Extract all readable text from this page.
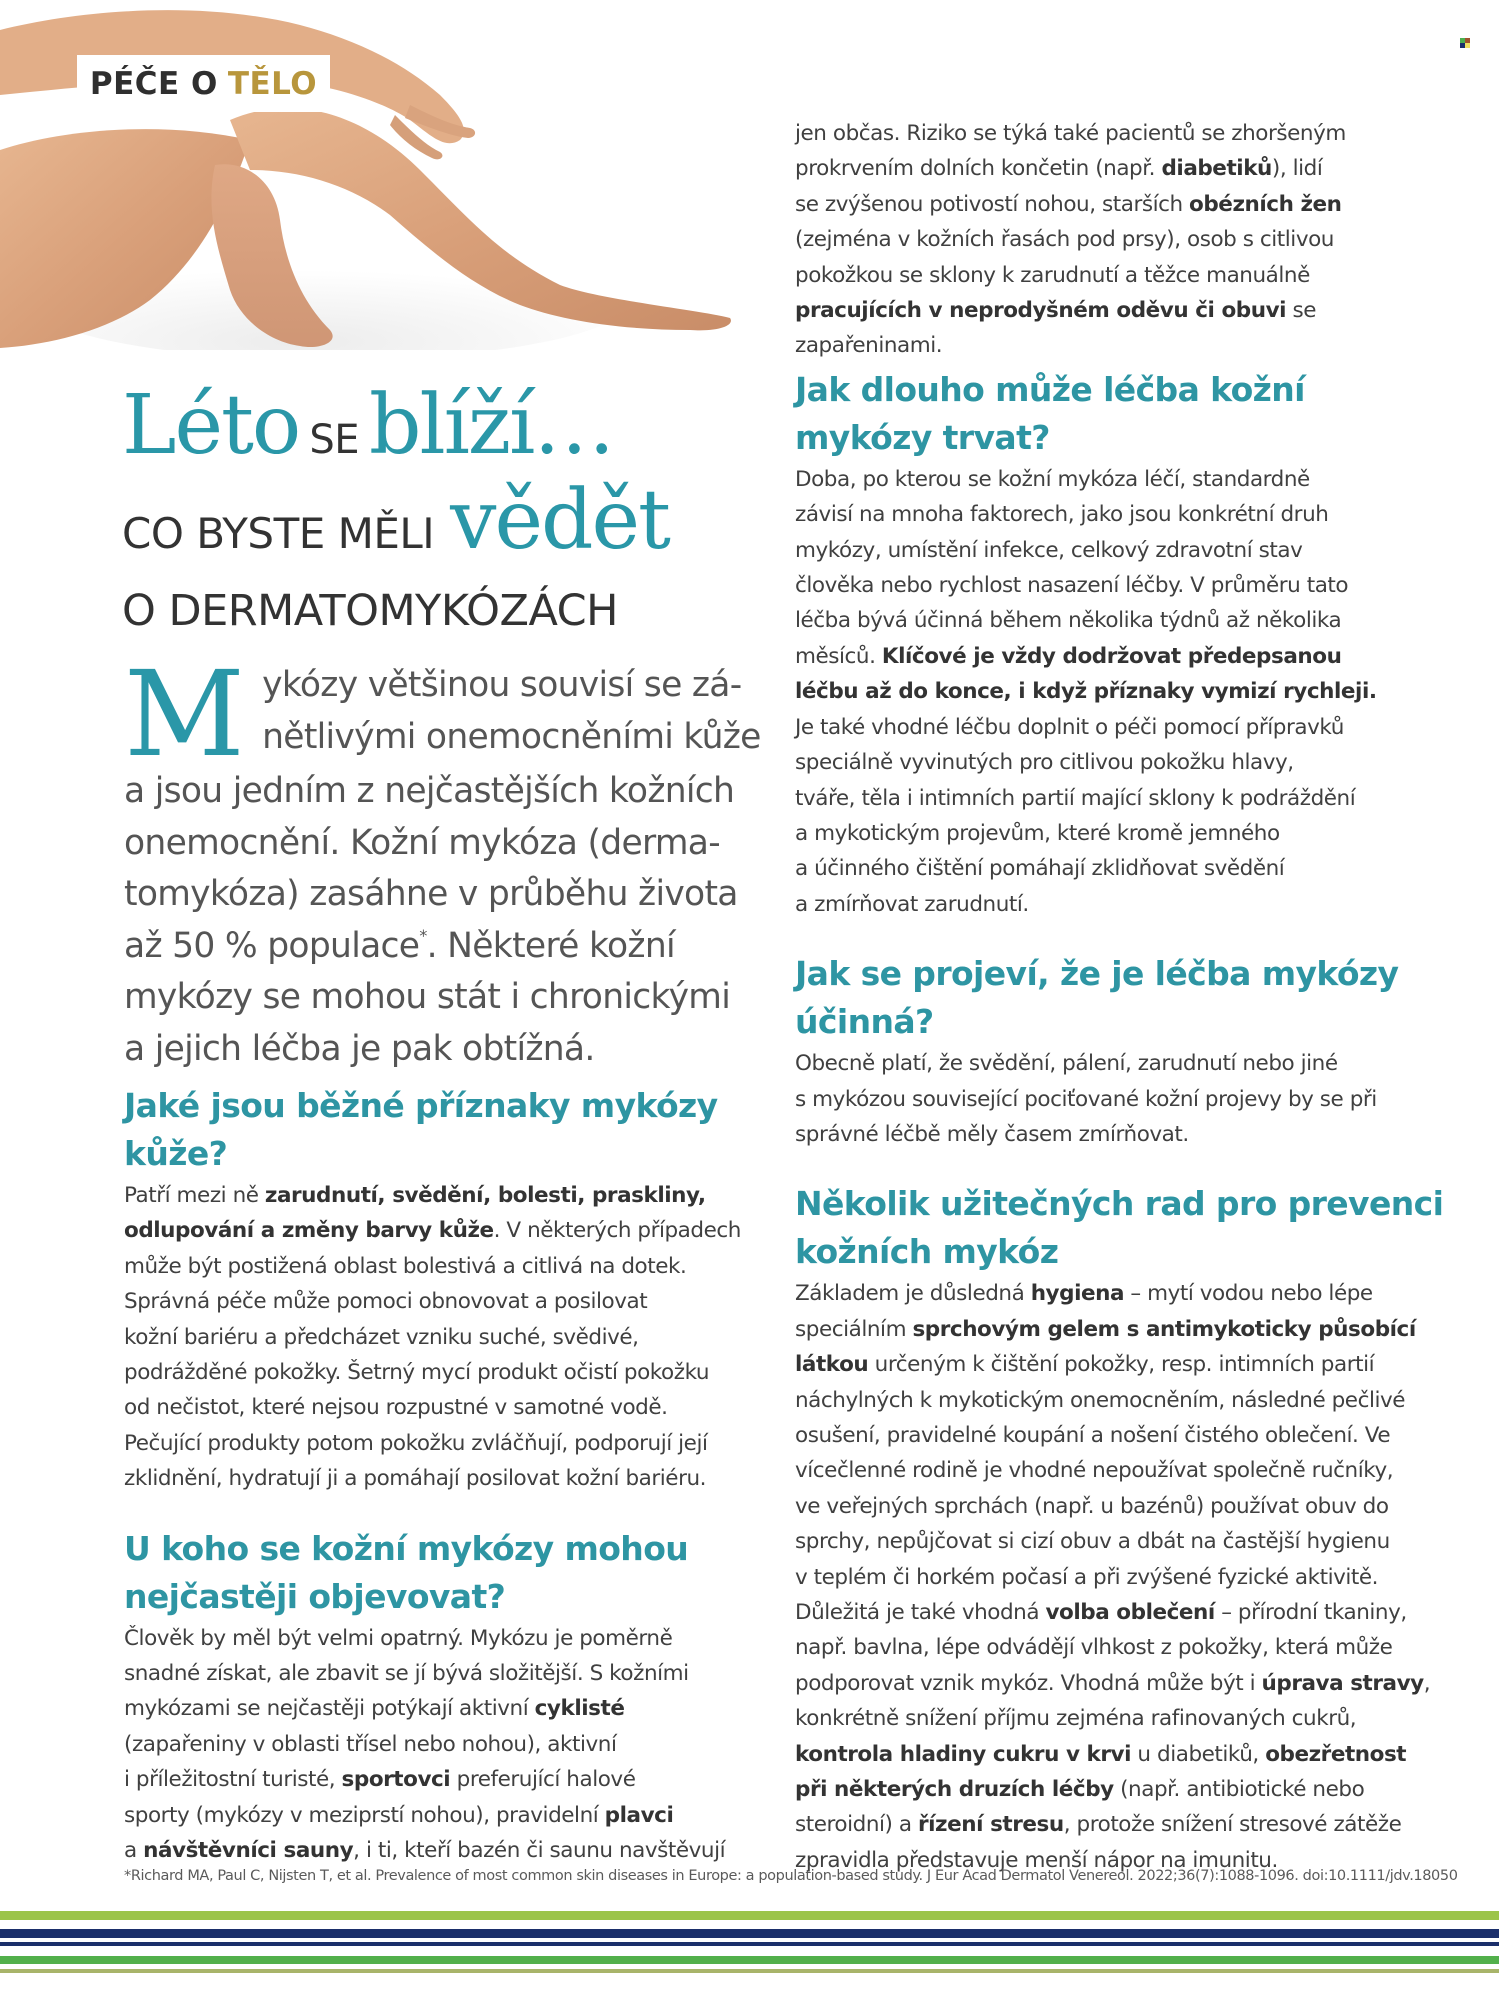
PÉČE O TĚLO
Léto SE blíží…
CO BYSTE MĚLI vědět
O DERMATOMYKÓZÁCH
M ykózy většinou souvisí se zá-
nětlivými onemocněními kůže
a jsou jedním z nejčastějších kožních
onemocnění. Kožní mykóza (derma-
tomykóza) zasáhne v průběhu života
až 50 % populace*. Některé kožní
mykózy se mohou stát i chronickými
a jejich léčba je pak obtížná.
Jaké jsou běžné příznaky mykózy
kůže?

Patří mezi ně zarudnutí, svědění, bolesti, praskliny,
odlupování a změny barvy kůže. V některých případech
může být postižená oblast bolestivá a citlivá na dotek.
Správná péče může pomoci obnovovat a posilovat
kožní bariéru a předcházet vzniku suché, svědivé,
podrážděné pokožky. Šetrný mycí produkt očistí pokožku
od nečistot, které nejsou rozpustné v samotné vodě.
Pečující produkty potom pokožku zvláčňují, podporují její
zklidnění, hydratují ji a pomáhají posilovat kožní bariéru.

U koho se kožní mykózy mohou
nejčastěji objevovat?

Člověk by měl být velmi opatrný. Mykózu je poměrně
snadné získat, ale zbavit se jí bývá složitější. S kožními
mykózami se nejčastěji potýkají aktivní cyklisté
(zapařeniny v oblasti třísel nebo nohou), aktivní
i příležitostní turisté, sportovci preferující halové
sporty (mykózy v meziprstí nohou), pravidelní plavci
a návštěvníci sauny, i ti, kteří bazén či saunu navštěvují

jen občas. Riziko se týká také pacientů se zhoršeným
prokrvením dolních končetin (např. diabetiků), lidí
se zvýšenou potivostí nohou, starších obézních žen
(zejména v kožních řasách pod prsy), osob s citlivou
pokožkou se sklony k zarudnutí a těžce manuálně
pracujících v neprodyšném oděvu či obuvi se
zapařeninami.

Jak dlouho může léčba kožní
mykózy trvat?

Doba, po kterou se kožní mykóza léčí, standardně
závisí na mnoha faktorech, jako jsou konkrétní druh
mykózy, umístění infekce, celkový zdravotní stav
člověka nebo rychlost nasazení léčby. V průměru tato
léčba bývá účinná během několika týdnů až několika
měsíců. Klíčové je vždy dodržovat předepsanou
léčbu až do konce, i když příznaky vymizí rychleji.
Je také vhodné léčbu doplnit o péči pomocí přípravků
speciálně vyvinutých pro citlivou pokožku hlavy,
tváře, těla i intimních partií mající sklony k podráždění
a mykotickým projevům, které kromě jemného
a účinného čištění pomáhají zklidňovat svědění
a zmírňovat zarudnutí.

Jak se projeví, že je léčba mykózy
účinná?

Obecně platí, že svědění, pálení, zarudnutí nebo jiné
s mykózou související pociťované kožní projevy by se při
správné léčbě měly časem zmírňovat.

Několik užitečných rad pro prevenci
kožních mykóz

Základem je důsledná hygiena – mytí vodou nebo lépe
speciálním sprchovým gelem s antimykoticky působící
látkou určeným k čištění pokožky, resp. intimních partií
náchylných k mykotickým onemocněním, následné pečlivé
osušení, pravidelné koupání a nošení čistého oblečení. Ve
vícečlenné rodině je vhodné nepoužívat společně ručníky,
ve veřejných sprchách (např. u bazénů) používat obuv do
sprchy, nepůjčovat si cizí obuv a dbát na častější hygienu
v teplém či horkém počasí a při zvýšené fyzické aktivitě.
Důležitá je také vhodná volba oblečení – přírodní tkaniny,
např. bavlna, lépe odvádějí vlhkost z pokožky, která může
podporovat vznik mykóz. Vhodná může být i úprava stravy,
konkrétně snížení příjmu zejména rafinovaných cukrů,
kontrola hladiny cukru v krvi u diabetiků, obezřetnost
při některých druzích léčby (např. antibiotické nebo
steroidní) a řízení stresu, protože snížení stresové zátěže
zpravidla představuje menší nápor na imunitu.

*Richard MA, Paul C, Nijsten T, et al. Prevalence of most common skin diseases in Europe: a population-based study. J Eur Acad Dermatol Venereol. 2022;36(7):1088-1096. doi:10.1111/jdv.18050
